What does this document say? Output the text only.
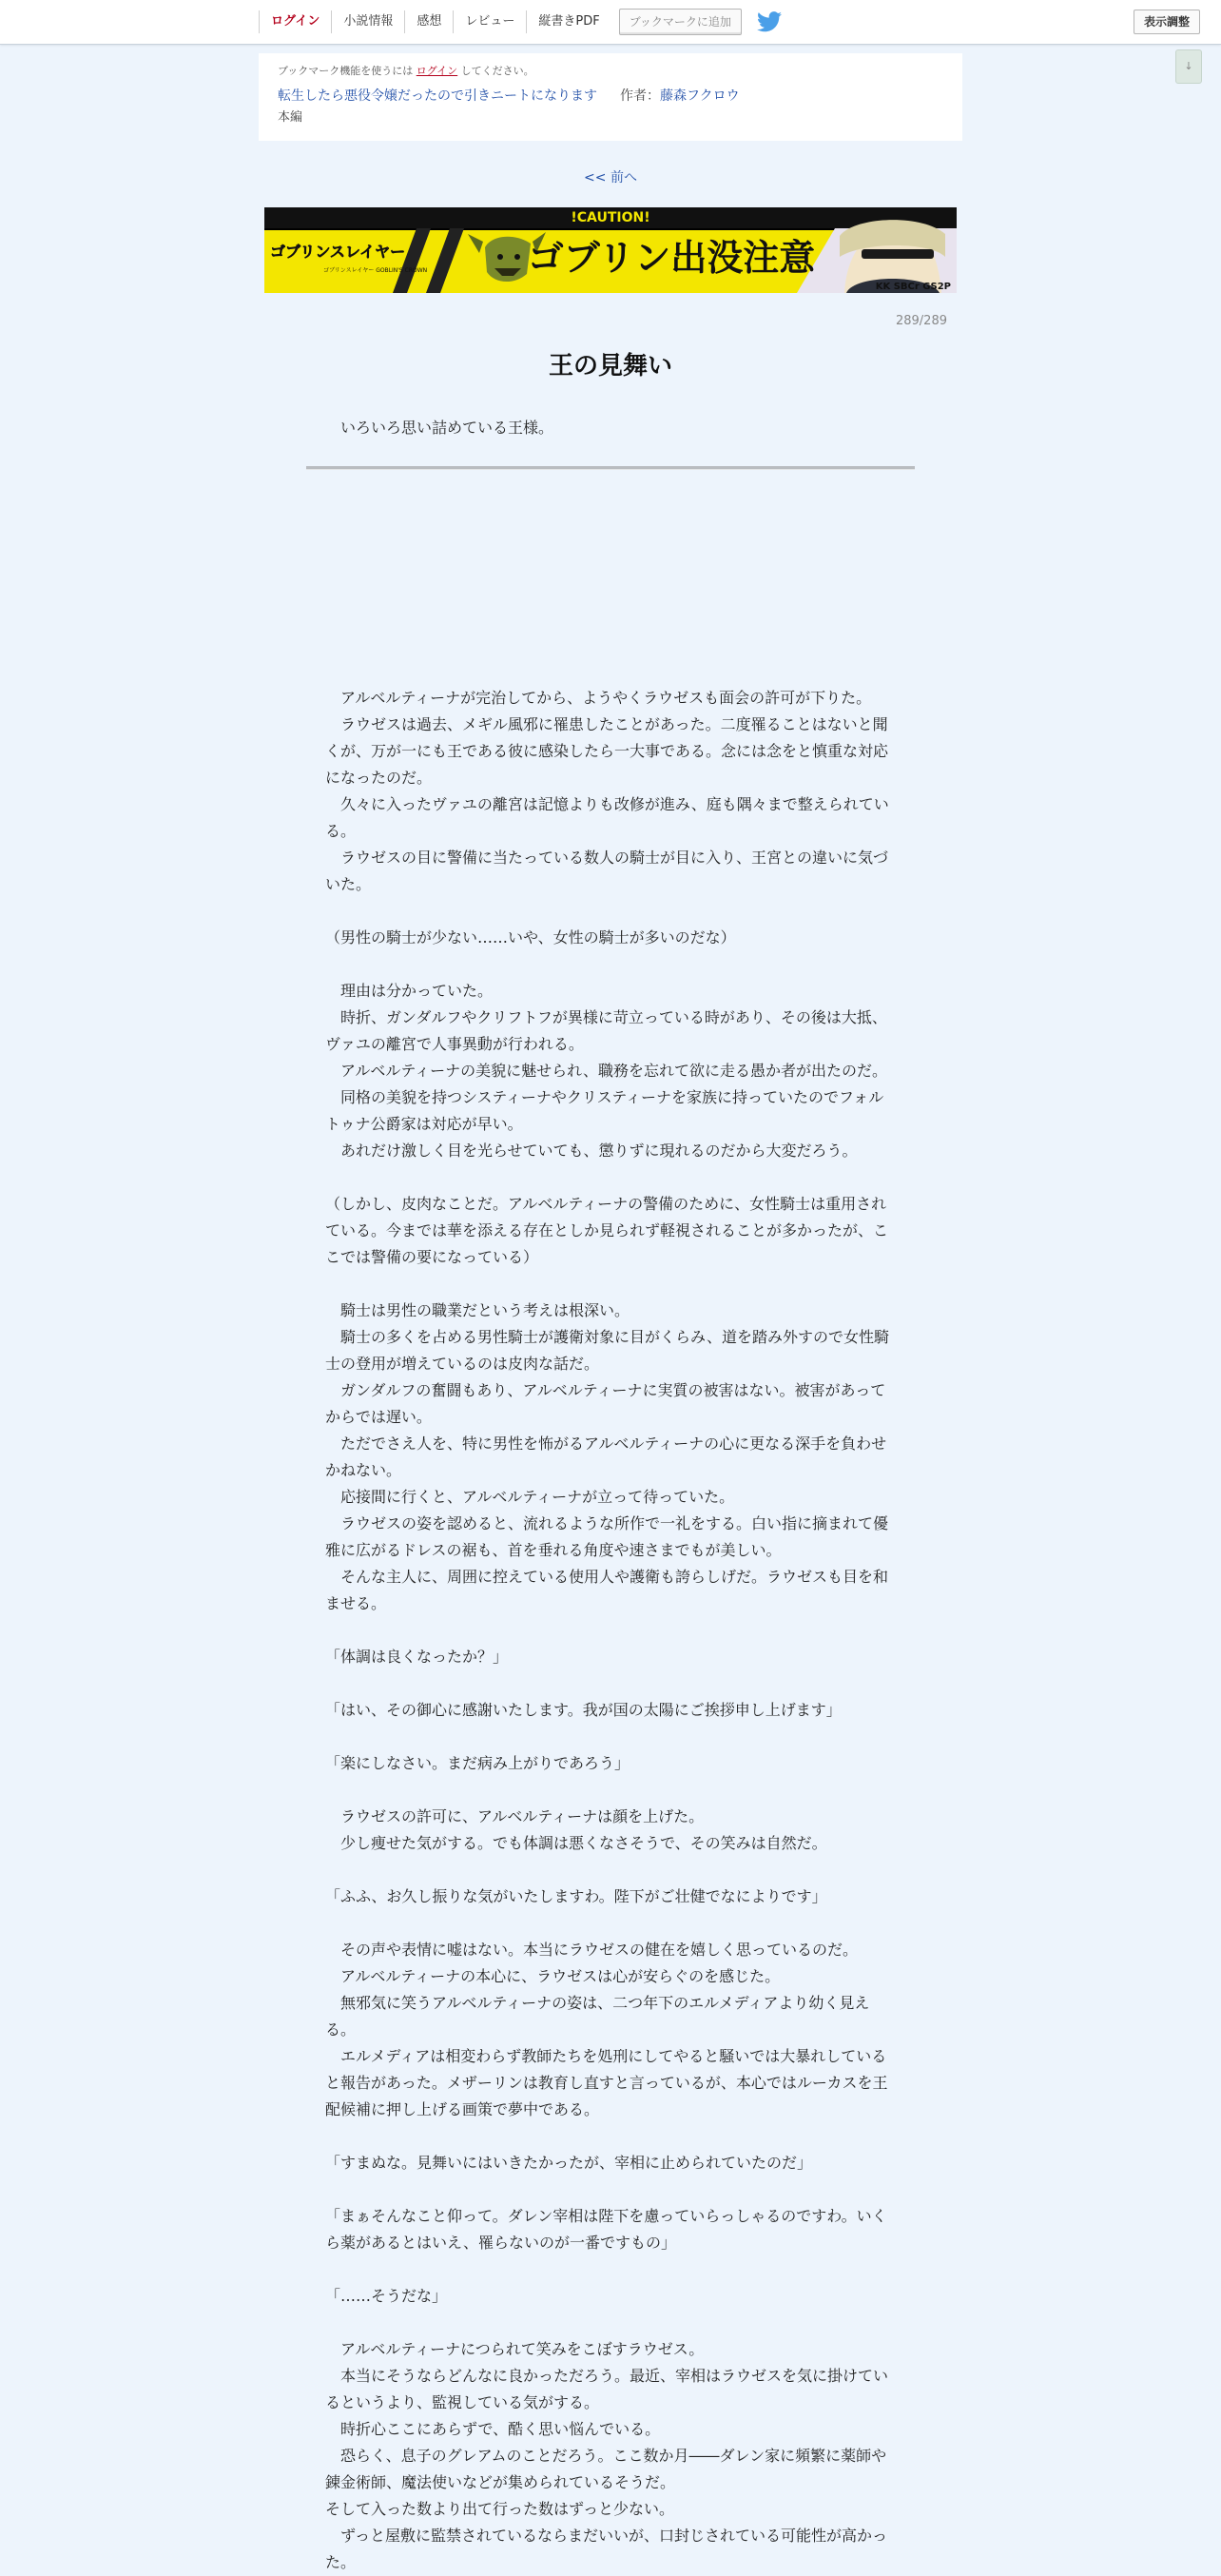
ログイン	小説情報	感想	レビュー	縦書きPDF	ブックマークに追加	表示調整
↓
ブックマーク機能を使うには ログイン してください。
転生したら悪役令嬢だったので引きニートになります 作者：藤森フクロウ
本編
<< 前へ
!CAUTION!
ゴブリンスレイヤー
ゴブリンスレイヤー GOBLIN'S CROWN	ゴブリン出没注意
KK SBCr GS2P
289/289
王の見舞い
いろいろ思い詰めている王様。

　アルベルティーナが完治してから、ようやくラウゼスも面会の許可が下りた。

　ラウゼスは過去、メギル風邪に罹患したことがあった。二度罹ることはないと聞くが、万が一にも王である彼に感染したら一大事である。念には念をと慎重な対応になったのだ。

　久々に入ったヴァユの離宮は記憶よりも改修が進み、庭も隅々まで整えられている。

　ラウゼスの目に警備に当たっている数人の騎士が目に入り、王宮との違いに気づいた。

（男性の騎士が少ない……いや、女性の騎士が多いのだな）

　理由は分かっていた。

　時折、ガンダルフやクリフトフが異様に苛立っている時があり、その後は大抵、ヴァユの離宮で人事異動が行われる。

　アルベルティーナの美貌に魅せられ、職務を忘れて欲に走る愚か者が出たのだ。

　同格の美貌を持つシスティーナやクリスティーナを家族に持っていたのでフォルトゥナ公爵家は対応が早い。

　あれだけ激しく目を光らせていても、懲りずに現れるのだから大変だろう。

（しかし、皮肉なことだ。アルベルティーナの警備のために、女性騎士は重用されている。今までは華を添える存在としか見られず軽視されることが多かったが、ここでは警備の要になっている）

　騎士は男性の職業だという考えは根深い。

　騎士の多くを占める男性騎士が護衛対象に目がくらみ、道を踏み外すので女性騎士の登用が増えているのは皮肉な話だ。

　ガンダルフの奮闘もあり、アルベルティーナに実質の被害はない。被害があってからでは遅い。

　ただでさえ人を、特に男性を怖がるアルベルティーナの心に更なる深手を負わせかねない。

　応接間に行くと、アルベルティーナが立って待っていた。

　ラウゼスの姿を認めると、流れるような所作で一礼をする。白い指に摘まれて優雅に広がるドレスの裾も、首を垂れる角度や速さまでもが美しい。

　そんな主人に、周囲に控えている使用人や護衛も誇らしげだ。ラウゼスも目を和ませる。

「体調は良くなったか？」

「はい、その御心に感謝いたします。我が国の太陽にご挨拶申し上げます」

「楽にしなさい。まだ病み上がりであろう」

　ラウゼスの許可に、アルベルティーナは顔を上げた。

　少し痩せた気がする。でも体調は悪くなさそうで、その笑みは自然だ。

「ふふ、お久し振りな気がいたしますわ。陛下がご壮健でなによりです」

　その声や表情に嘘はない。本当にラウゼスの健在を嬉しく思っているのだ。

　アルベルティーナの本心に、ラウゼスは心が安らぐのを感じた。

　無邪気に笑うアルベルティーナの姿は、二つ年下のエルメディアより幼く見える。

　エルメディアは相変わらず教師たちを処刑にしてやると騒いでは大暴れしていると報告があった。メザーリンは教育し直すと言っているが、本心ではルーカスを王配候補に押し上げる画策で夢中である。

「すまぬな。見舞いにはいきたかったが、宰相に止められていたのだ」

「まぁそんなこと仰って。ダレン宰相は陛下を慮っていらっしゃるのですわ。いくら薬があるとはいえ、罹らないのが一番ですもの」

「……そうだな」

　アルベルティーナにつられて笑みをこぼすラウゼス。

　本当にそうならどんなに良かっただろう。最近、宰相はラウゼスを気に掛けているというより、監視している気がする。

　時折心ここにあらずで、酷く思い悩んでいる。

　恐らく、息子のグレアムのことだろう。ここ数か月――ダレン家に頻繁に薬師や錬金術師、魔法使いなどが集められているそうだ。

そして入った数より出て行った数はずっと少ない。

　ずっと屋敷に監禁されているならまだいいが、口封じされている可能性が高かった。
